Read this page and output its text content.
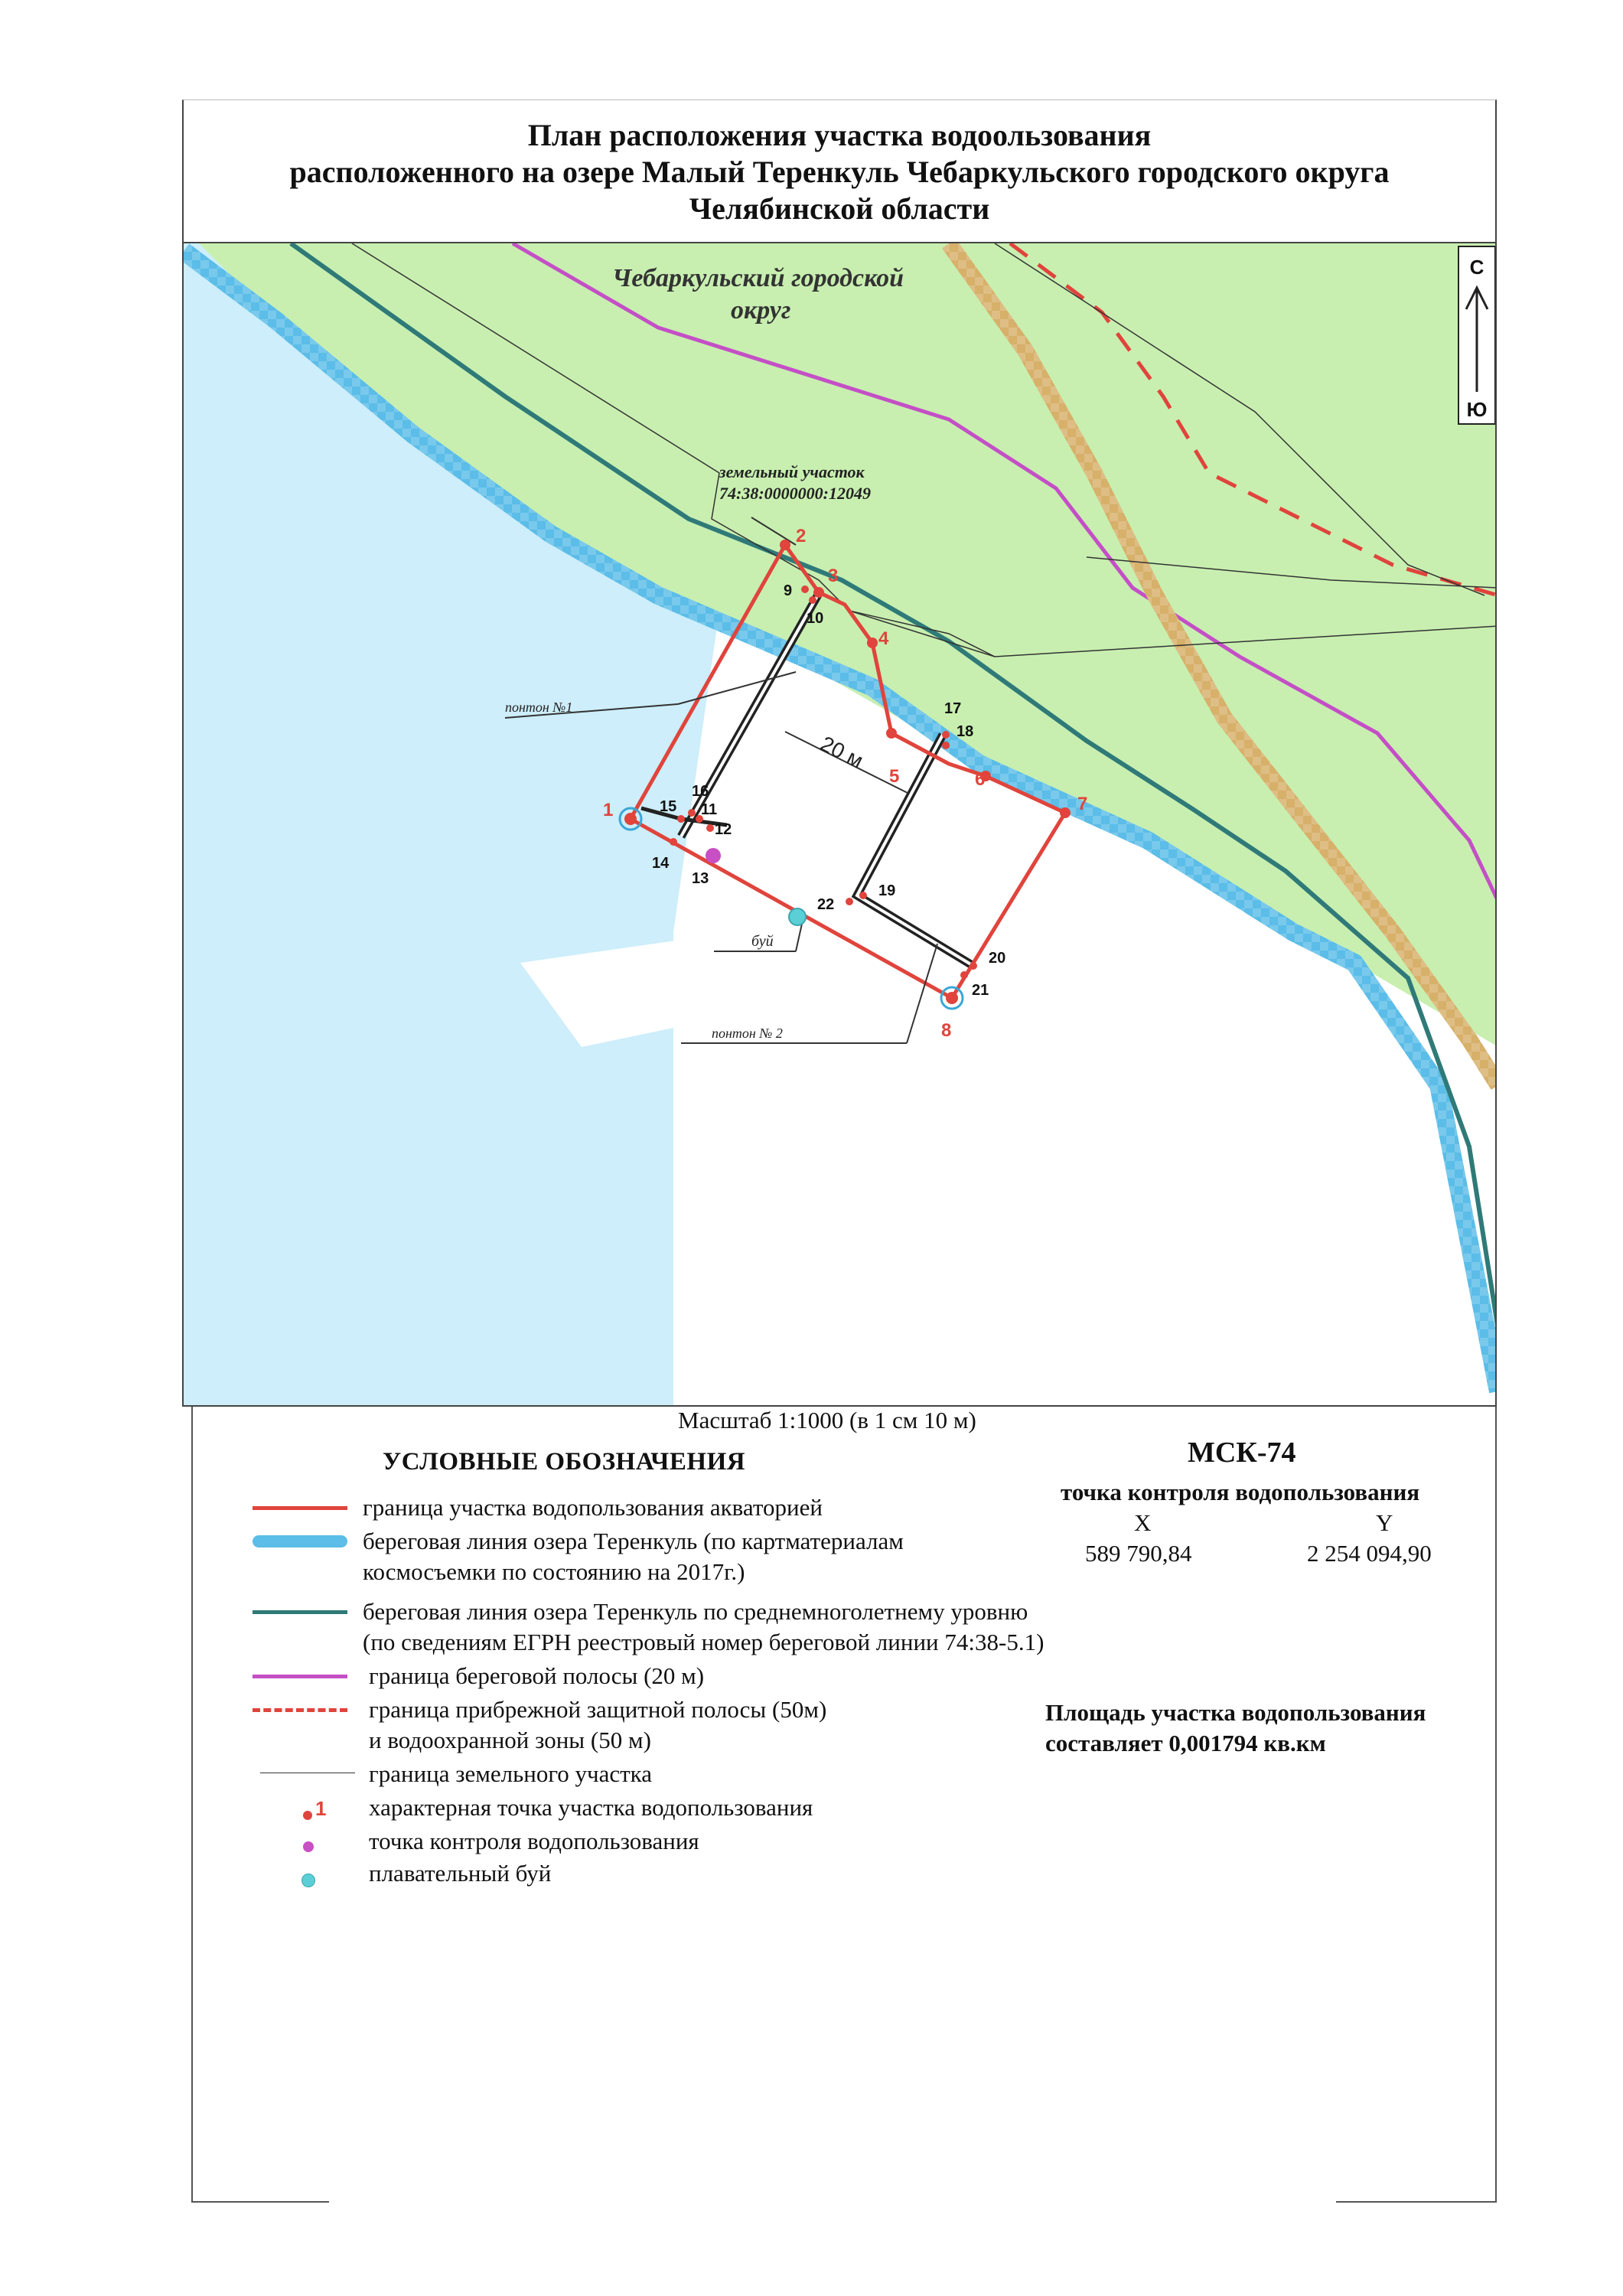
План расположения участка водоользования
расположенного на озере Малый Теренкуль Чебаркульского городского округа
Челябинской области
Чебаркульский городской
округ
земельный участок
74:38:0000000:12049
понтон №1
понтон № 2
буй
20 м
1
2
3
4
5	6
7
8
9
10
11
12
13
14
15
16
17
18
19
20
21
22
С
Ю
Масштаб 1:1000 (в 1 см 10 м)
УСЛОВНЫЕ ОБОЗНАЧЕНИЯ
граница участка водопользования акваторией
береговая линия озера Теренкуль (по картматериалам
космосъемки по состоянию на 2017г.)
береговая линия озера Теренкуль по среднемноголетнему уровню
(по сведениям ЕГРН реестровый номер береговой линии 74:38-5.1)
граница береговой полосы (20 м)
граница прибрежной защитной полосы (50м)
и водоохранной зоны (50 м)
граница земельного участка
1 характерная точка участка водопользования
точка контроля водопользования
плавательный буй
МСК-74
точка контроля водопользования
X	Y
589 790,84	2 254 094,90
Площадь участка водопользования
составляет 0,001794 кв.км
